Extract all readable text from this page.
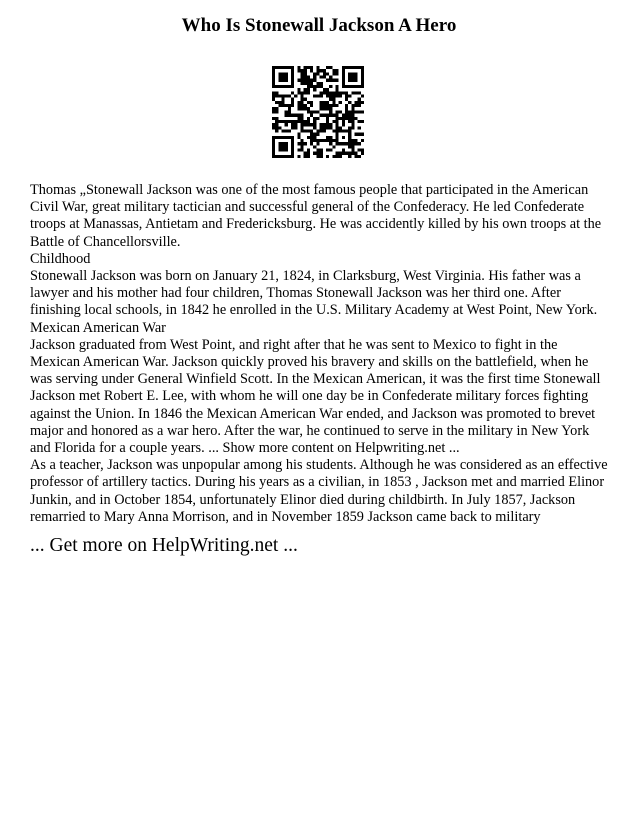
Who Is Stonewall Jackson A Hero

Thomas „Stonewall Jackson was one of the most famous people that participated in the American Civil War, great military tactician and successful general of the Confederacy. He led Confederate troops at Manassas, Antietam and Fredericksburg. He was accidently killed by his own troops at the Battle of Chancellorsville.

Childhood

Stonewall Jackson was born on January 21, 1824, in Clarksburg, West Virginia. His father was a lawyer and his mother had four children, Thomas Stonewall Jackson was her third one. After finishing local schools, in 1842 he enrolled in the U.S. Military Academy at West Point, New York.

Mexican American War

Jackson graduated from West Point, and right after that he was sent to Mexico to fight in the Mexican American War. Jackson quickly proved his bravery and skills on the battlefield, when he was serving under General Winfield Scott. In the Mexican American, it was the first time Stonewall Jackson met Robert E. Lee, with whom he will one day be in Confederate military forces fighting against the Union. In 1846 the Mexican American War ended, and Jackson was promoted to brevet major and honored as a war hero. After the war, he continued to serve in the military in New York and Florida for a couple years. ... Show more content on Helpwriting.net ...

As a teacher, Jackson was unpopular among his students. Although he was considered as an effective professor of artillery tactics. During his years as a civilian, in 1853 , Jackson met and married Elinor Junkin, and in October 1854, unfortunately Elinor died during childbirth. In July 1857, Jackson remarried to Mary Anna Morrison, and in November 1859 Jackson came back to military

... Get more on HelpWriting.net ...
